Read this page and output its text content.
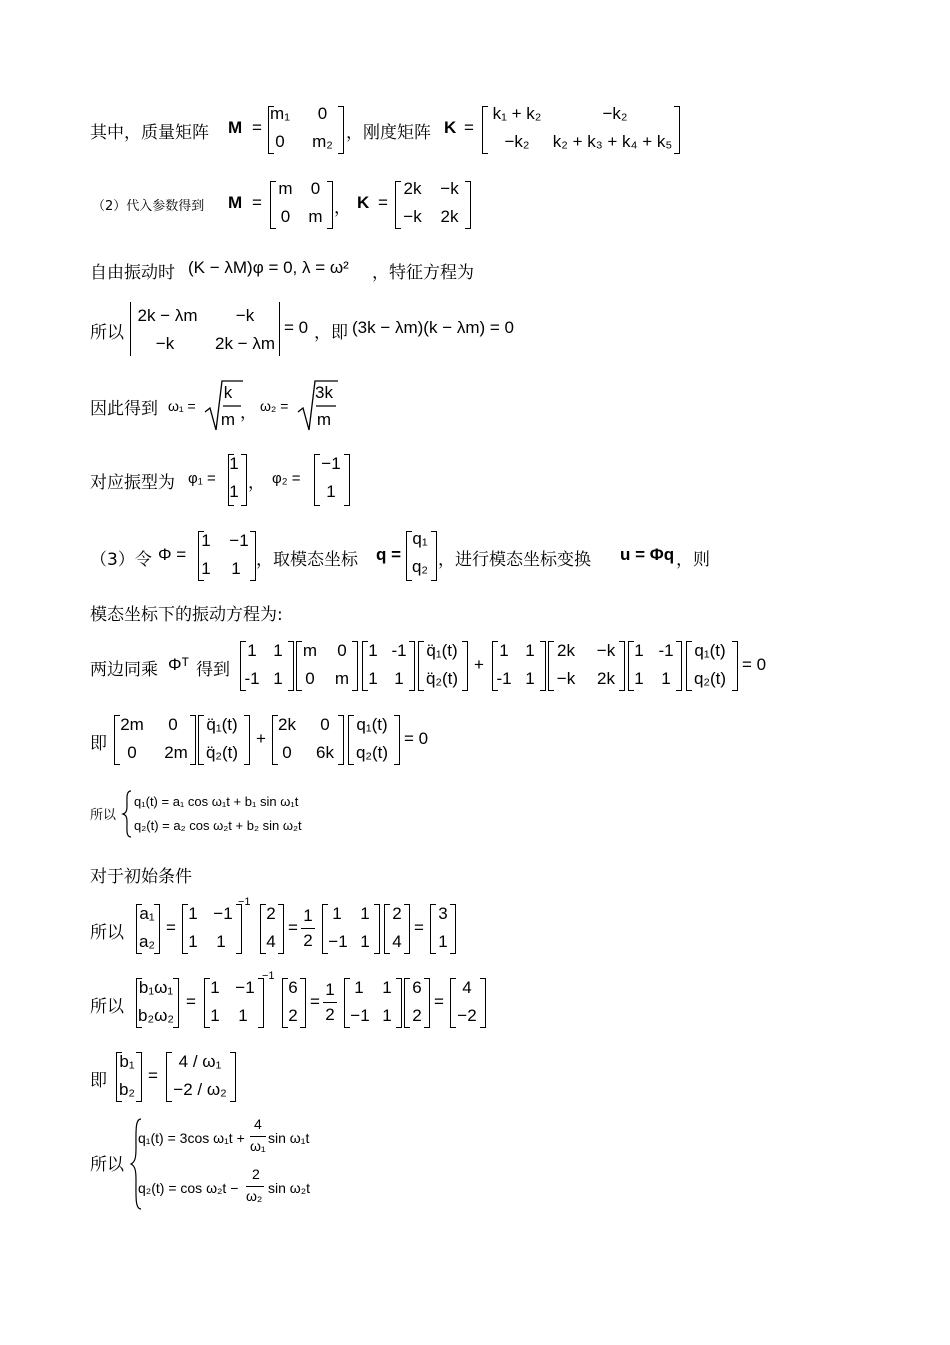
其中，质量矩阵 M =
m₁	0
0	m₂ ，刚度矩阵 K =
k₁ + k₂	−k₂
−k₂	k₂ + k₃ + k₄ + k₅
（2）代入参数得到 M =
m	0
0	m ， K =
2k	−k
−k	2k
自由振动时 (K − λM)φ = 0, λ = ω² ，特征方程为
所以
2k − λm	−k
−k	2k − λm
= 0 ，即 (3k − λm)(k − λm) = 0
因此得到 ω₁ =
k
m ， ω₂ =
3k
m
对应振型为 φ₁ =
1
1 ， φ₂ =
−1
1
（3）令 Φ =
1	−1
1	1 ，取模态坐标 q =
q₁
q₂ ，进行模态坐标变换 u = Φq ，则
模态坐标下的振动方程为:
两边同乘 Φᵀ 得到
1 1
-1 1
m	0
0	m
1 -1
1 1
q̈₁(t)
q̈₂(t)
+
1 1
-1 1
2k	−k
−k	2k
1 -1
1	1
q₁(t)
q₂(t)
= 0
即
2m	0
0	2m
q̈₁(t)
q̈₂(t)
+
2k	0
0	6k
q₁(t)
q₂(t)
= 0
所以
q₁(t) = a₁ cos ω₁t + b₁ sin ω₁t
q₂(t) = a₂ cos ω₂t + b₂ sin ω₂t
对于初始条件
所以
a₁
a₂
=
1 −1
1	1
−1
2
4
=
1
2
1	1
−1 1
2
4
=
3
1
所以
b₁ω₁
b₂ω₂
=
1 −1
1	1
−1
6
2
=
1
2
1	1
−1 1
6
2
=
4
−2
即
b₁
b₂
=
4 / ω₁
−2 / ω₂
所以
q₁(t) = 3cos ω₁t +
4
ω₁ sin ω₁t
q₂(t) = cos ω₂t −
2
ω₂ sin ω₂t
